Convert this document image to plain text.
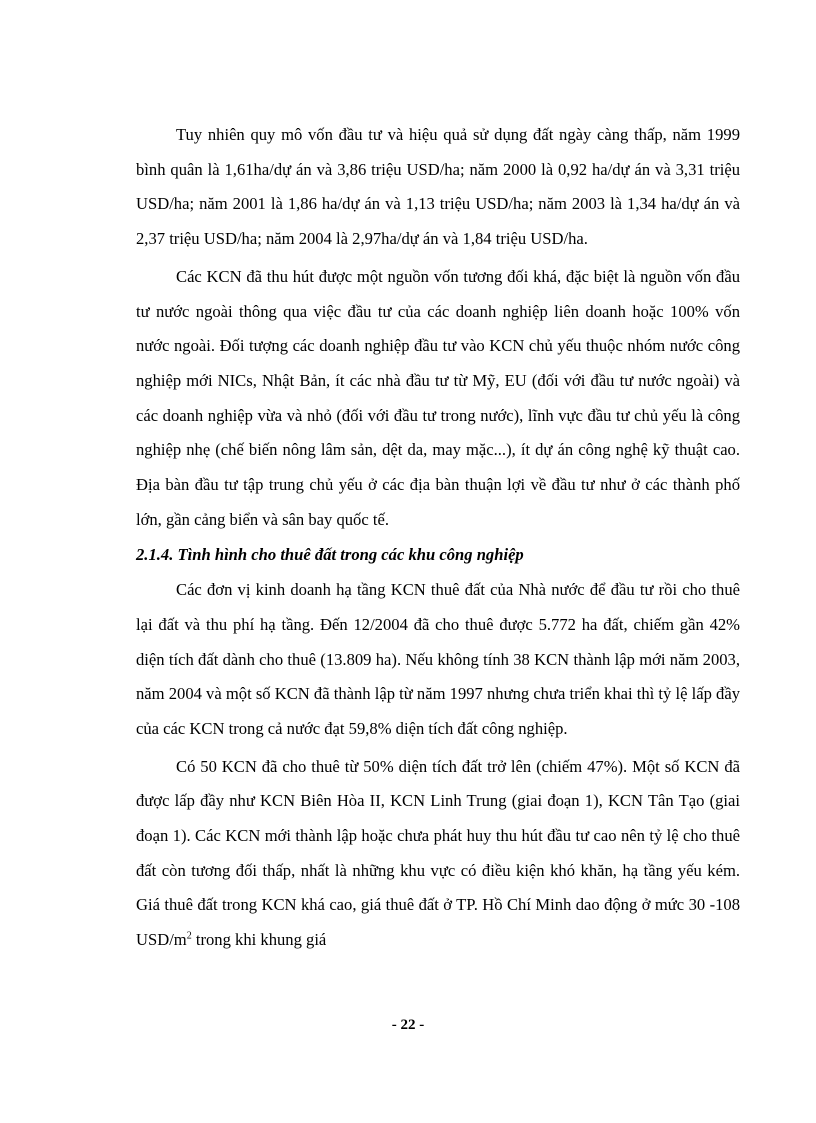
Tuy nhiên quy mô vốn đầu tư và hiệu quả sử dụng đất ngày càng thấp, năm 1999 bình quân là 1,61ha/dự án và 3,86 triệu USD/ha; năm 2000 là 0,92 ha/dự án và 3,31 triệu USD/ha; năm 2001 là 1,86 ha/dự án và 1,13 triệu USD/ha; năm 2003 là 1,34 ha/dự án và 2,37 triệu USD/ha; năm 2004 là 2,97ha/dự án và 1,84 triệu USD/ha.

Các KCN đã thu hút được một nguồn vốn tương đối khá, đặc biệt là nguồn vốn đầu tư nước ngoài thông qua việc đầu tư của các doanh nghiệp liên doanh hoặc 100% vốn nước ngoài. Đối tượng các doanh nghiệp đầu tư vào KCN chủ yếu thuộc nhóm nước công nghiệp mới NICs, Nhật Bản, ít các nhà đầu tư từ Mỹ, EU (đối với đầu tư nước ngoài) và các doanh nghiệp vừa và nhỏ (đối với đầu tư trong nước), lĩnh vực đầu tư chủ yếu là công nghiệp nhẹ (chế biến nông lâm sản, dệt da, may mặc...), ít dự án công nghệ kỹ thuật cao. Địa bàn đầu tư tập trung chủ yếu ở các địa bàn thuận lợi về đầu tư như ở các thành phố lớn, gần cảng biển và sân bay quốc tế.

2.1.4. Tình hình cho thuê đất trong các khu công nghiệp

Các đơn vị kinh doanh hạ tầng KCN thuê đất của Nhà nước để đầu tư rồi cho thuê lại đất và thu phí hạ tầng. Đến 12/2004 đã cho thuê được 5.772 ha đất, chiếm gần 42% diện tích đất dành cho thuê (13.809 ha). Nếu không tính 38 KCN thành lập mới năm 2003, năm 2004 và một số KCN đã thành lập từ năm 1997 nhưng chưa triển khai thì tỷ lệ lấp đầy của các KCN trong cả nước đạt 59,8% diện tích đất công nghiệp.

Có 50 KCN đã cho thuê từ 50% diện tích đất trở lên (chiếm 47%). Một số KCN đã được lấp đầy như KCN Biên Hòa II, KCN Linh Trung (giai đoạn 1), KCN Tân Tạo (giai đoạn 1). Các KCN mới thành lập hoặc chưa phát huy thu hút đầu tư cao nên tỷ lệ cho thuê đất còn tương đối thấp, nhất là những khu vực có điều kiện khó khăn, hạ tầng yếu kém. Giá thuê đất trong KCN khá cao, giá thuê đất ở TP. Hồ Chí Minh dao động ở mức 30 -108 USD/$m^2$ trong khi khung giá

- 22 -
